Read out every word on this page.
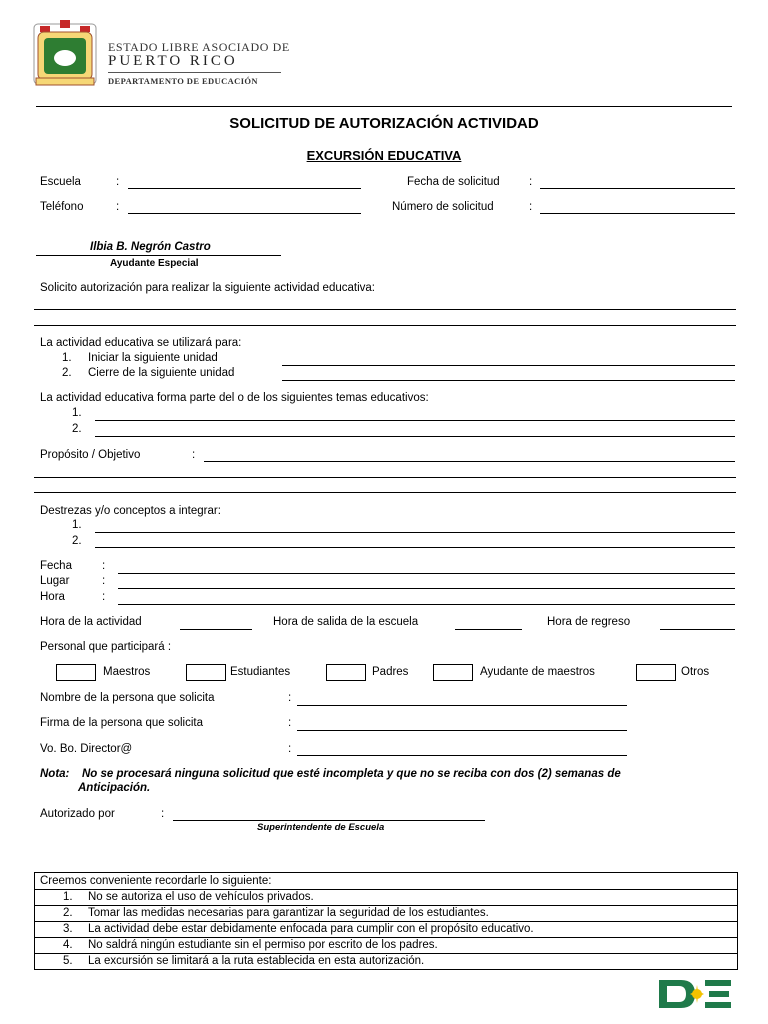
ESTADO LIBRE ASOCIADO DE
PUERTO RICO
DEPARTAMENTO DE EDUCACIÓN
SOLICITUD DE AUTORIZACIÓN ACTIVIDAD
EXCURSIÓN EDUCATIVA
Escuela	:	Fecha de solicitud	:
Teléfono	:	Número de solicitud	:
Ilbia B. Negrón Castro
Ayudante Especial
Solicito autorización para realizar la siguiente actividad educativa:
La actividad educativa se utilizará para:
1. Iniciar la siguiente unidad
2. Cierre de la siguiente unidad
La actividad educativa forma parte del o de los siguientes temas educativos:
1.
2.
Propósito / Objetivo	:
Destrezas y/o conceptos a integrar:
1.
2.
Fecha	:
Lugar	:
Hora	:
Hora de la actividad	Hora de salida de la escuela	Hora de regreso
Personal que participará :
Maestros	Estudiantes	Padres	Ayudante de maestros	Otros
Nombre de la persona que solicita	:
Firma de la persona que solicita	:
Vo. Bo. Director@	:
Nota: No se procesará ninguna solicitud que esté incompleta y que no se reciba con dos (2) semanas de
Anticipación.
Autorizado por	:
Superintendente de Escuela
Creemos conveniente recordarle lo siguiente:
1. No se autoriza el uso de vehículos privados.
2. Tomar las medidas necesarias para garantizar la seguridad de los estudiantes.
3. La actividad debe estar debidamente enfocada para cumplir con el propósito educativo.
4. No saldrá ningún estudiante sin el permiso por escrito de los padres.
5. La excursión se limitará a la ruta establecida en esta autorización.
